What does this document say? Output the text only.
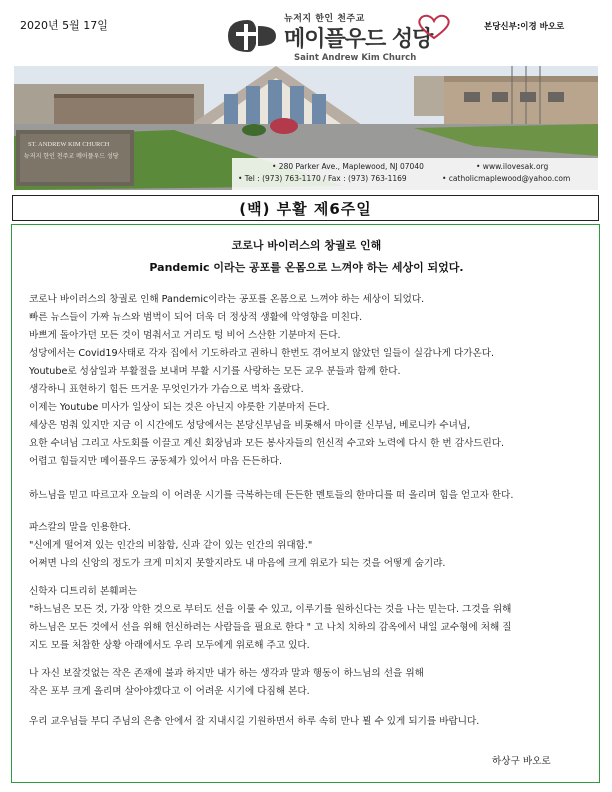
2020년 5월 17일	뉴저지 한인 천주교
메이플우드 성당
Saint Andrew Kim Church
본당신부:이경 바오로
ST. ANDREW KIM CHURCH
뉴저지 한인 천주교 메이플우드 성당
• 280 Parker Ave., Maplewood, NJ 07040	• www.ilovesak.org
• Tel : (973) 763-1170 / Fax : (973) 763-1169	• catholicmaplewood@yahoo.com
(백) 부활 제6주일
코로나 바이러스의 창궐로 인해
Pandemic 이라는 공포를 온몸으로 느껴야 하는 세상이 되었다.
코로나 바이러스의 창궐로 인해 Pandemic이라는 공포를 온몸으로 느껴야 하는 세상이 되었다.
빠른 뉴스들이 가짜 뉴스와 범벅이 되어 더욱 더 정상적 생활에 악영향을 미친다.
바쁘게 돌아가던 모든 것이 멈춰서고 거리도 텅 비어 스산한 기분마저 든다.
성당에서는 Covid19사태로 각자 집에서 기도하라고 권하니 한번도 겪어보지 않았던 일들이 실감나게 다가온다.
Youtube로 성삼일과 부활절을 보내며 부활 시기를 사랑하는 모든 교우 분들과 함께 한다.
생각하니 표현하기 힘든 뜨거운 무엇인가가 가슴으로 벅차 올랐다.
이제는 Youtube 미사가 일상이 되는 것은 아닌지 야릇한 기분마저 든다.
세상은 멈춰 있지만 지금 이 시간에도 성당에서는 본당신부님을 비롯해서 마이클 신부님, 베로니카 수녀님,
요한 수녀님 그리고 사도회를 이끌고 계신 회장님과 모든 봉사자들의 헌신적 수고와 노력에 다시 한 번 감사드린다.
어렵고 힘들지만 메이플우드 공동체가 있어서 마음 든든하다.
하느님을 믿고 따르고자 오늘의 이 어려운 시기를 극복하는데 든든한 멘토들의 한마디를 떠 올리며 힘을 얻고자 한다.
파스칼의 말을 인용한다.
"신에게 떨어져 있는 인간의 비참함, 신과 같이 있는 인간의 위대함."
어쩌면 나의 신앙의 정도가 크게 미치지 못할지라도 내 마음에 크게 위로가 되는 것을 어떻게 숨기랴.
신학자 디트리히 본훼퍼는
"하느님은 모든 것, 가장 악한 것으로 부터도 선을 이룰 수 있고, 이루기를 원하신다는 것을 나는 믿는다. 그것을 위해
하느님은 모든 것에서 선을 위해 헌신하려는 사람들을 필요로 한다 " 고 나치 치하의 감옥에서 내일 교수형에 처해 질
지도 모를 처참한 상황 아래에서도 우리 모두에게 위로해 주고 있다.
나 자신 보잘것없는 작은 존재에 불과 하지만 내가 하는 생각과 말과 행동이 하느님의 선을 위해
작은 포부 크게 올리며 살아야겠다고 이 어려운 시기에 다짐해 본다.
우리 교우님들 부디 주님의 은총 안에서 잘 지내시길 기원하면서 하루 속히 만나 뵐 수 있게 되기를 바랍니다.
하상구 바오로
